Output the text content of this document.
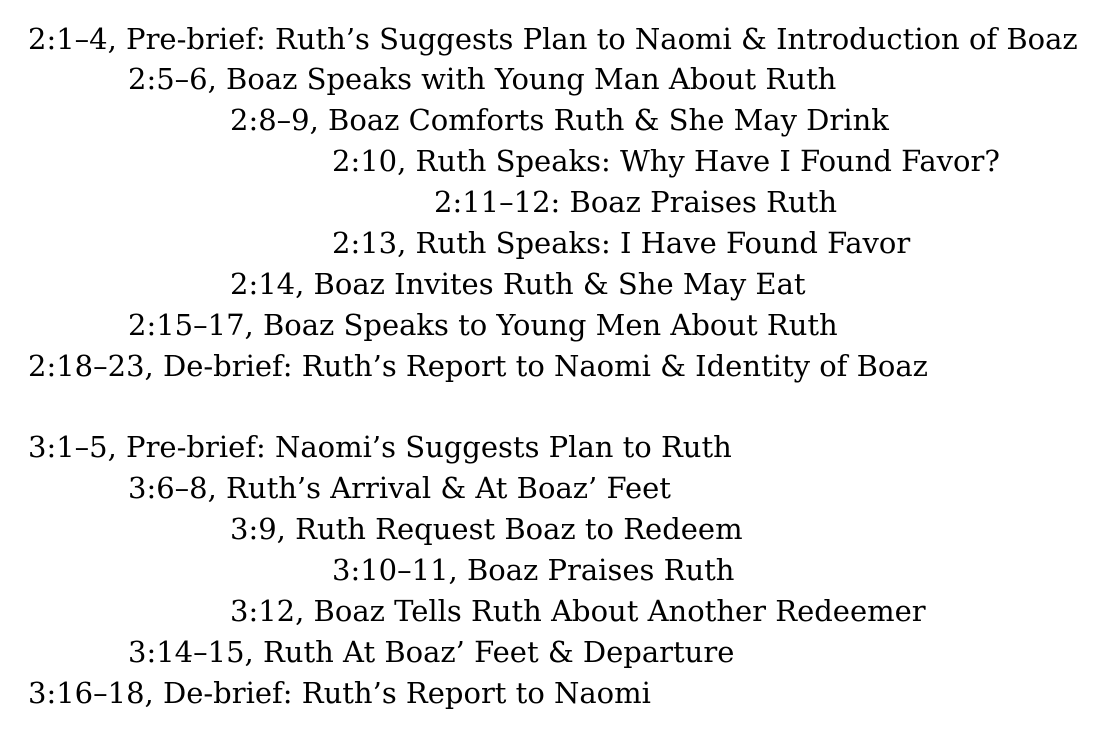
2:1–4, Pre-brief: Ruth’s Suggests Plan to Naomi & Introduction of Boaz
2:5–6, Boaz Speaks with Young Man About Ruth
2:8–9, Boaz Comforts Ruth & She May Drink
2:10, Ruth Speaks: Why Have I Found Favor?
2:11–12: Boaz Praises Ruth
2:13, Ruth Speaks: I Have Found Favor
2:14, Boaz Invites Ruth & She May Eat
2:15–17, Boaz Speaks to Young Men About Ruth
2:18–23, De-brief: Ruth’s Report to Naomi & Identity of Boaz
3:1–5, Pre-brief: Naomi’s Suggests Plan to Ruth
3:6–8, Ruth’s Arrival & At Boaz’ Feet
3:9, Ruth Request Boaz to Redeem
3:10–11, Boaz Praises Ruth
3:12, Boaz Tells Ruth About Another Redeemer
3:14–15, Ruth At Boaz’ Feet & Departure
3:16–18, De-brief: Ruth’s Report to Naomi
